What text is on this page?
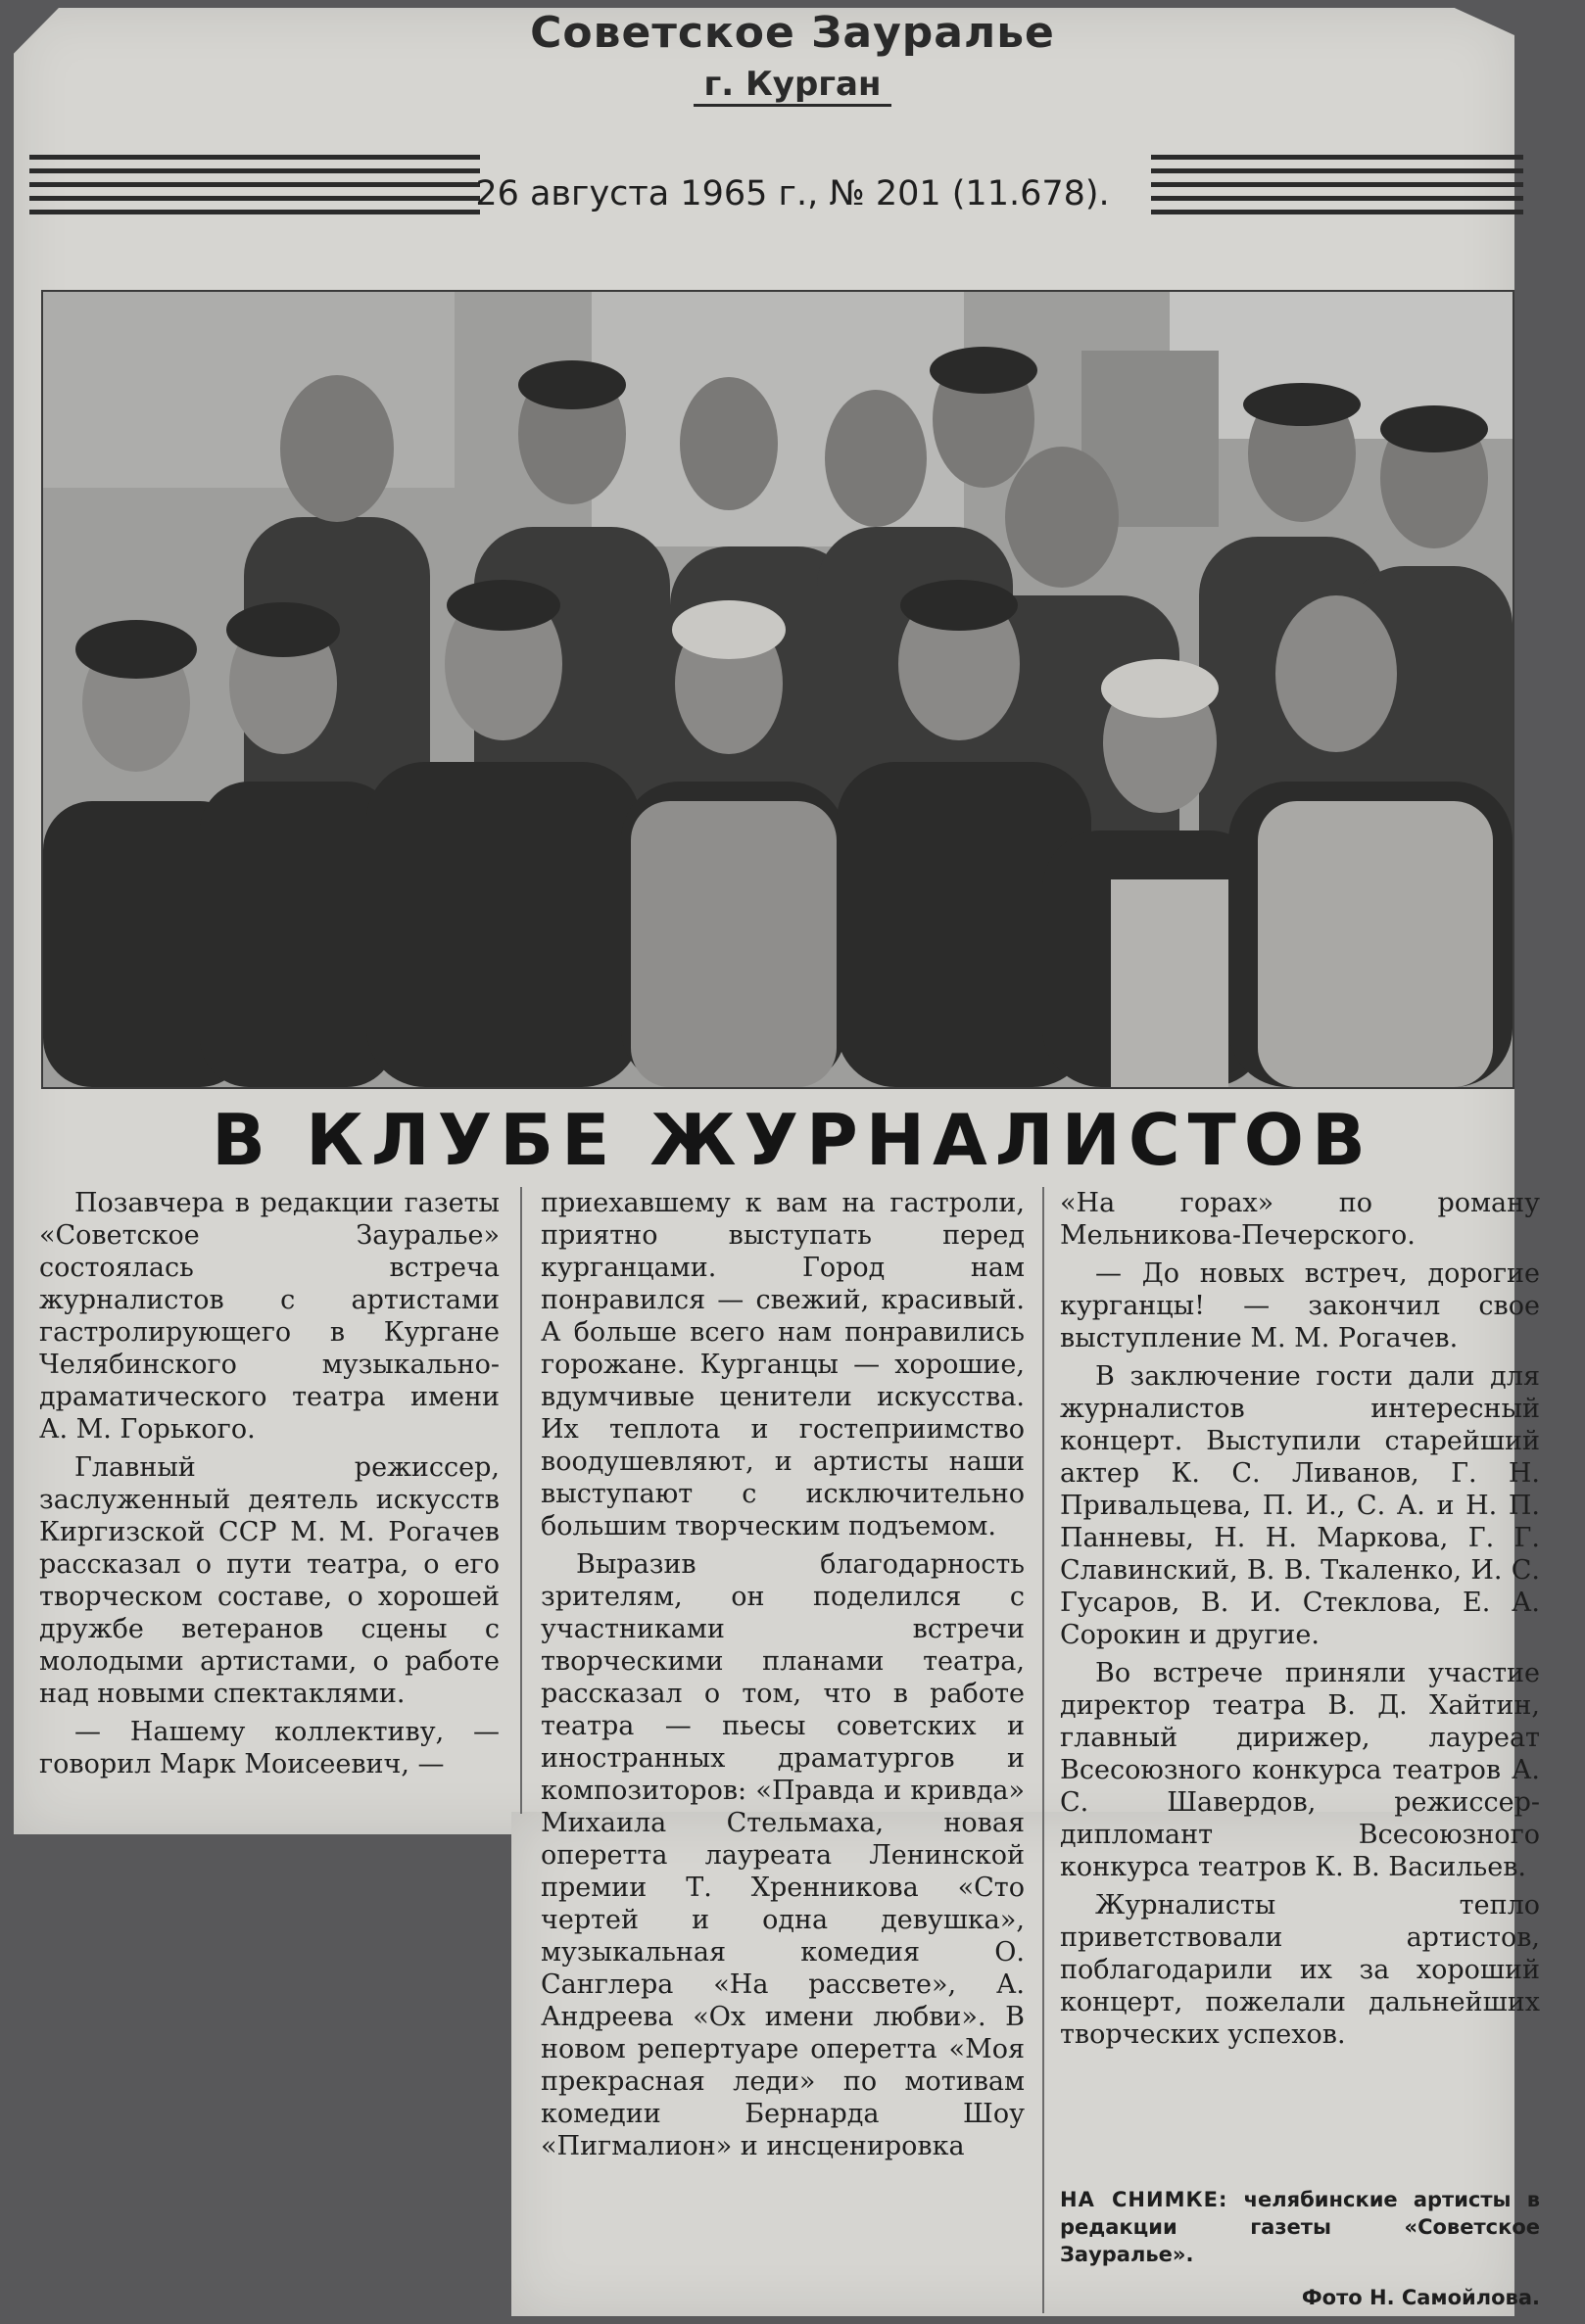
Советское Зауралье
г. Курган
26 августа 1965 г., № 201 (11.678).
В КЛУБЕ ЖУРНАЛИСТОВ

Позавчера в редакции газеты «Советское Зауралье» состоялась встреча журналистов с артистами гастролирующего в Кургане Челябинского музыкально-драматического театра имени А. М. Горького.

Главный режиссер, заслуженный деятель искусств Киргизской ССР М. М. Рогачев рассказал о пути театра, о его творческом составе, о хорошей дружбе ветеранов сцены с молодыми артистами, о работе над новыми спектаклями.

— Нашему коллективу, — говорил Марк Моисеевич, —

приехавшему к вам на гастроли, приятно выступать перед курганцами. Город нам понравился — свежий, красивый. А больше всего нам понравились горожане. Курганцы — хорошие, вдумчивые ценители искусства. Их теплота и гостеприимство воодушевляют, и артисты наши выступают с исключительно большим творческим подъемом.

Выразив благодарность зрителям, он поделился с участниками встречи творческими планами театра, рассказал о том, что в работе театра — пьесы советских и иностранных драматургов и композиторов: «Правда и кривда» Михаила Стельмаха, новая оперетта лауреата Ленинской премии Т. Хренникова «Сто чертей и одна девушка», музыкальная комедия О. Санглера «На рассвете», А. Андреева «Ох имени любви». В новом репертуаре оперетта «Моя прекрасная леди» по мотивам комедии Бернарда Шоу «Пигмалион» и инсценировка

«На горах» по роману Мельникова-Печерского.

— До новых встреч, дорогие курганцы! — закончил свое выступление М. М. Рогачев.

В заключение гости дали для журналистов интересный концерт. Выступили старейший актер К. С. Ливанов, Г. Н. Привальцева, П. И., С. А. и Н. П. Панневы, Н. Н. Маркова, Г. Г. Славинский, В. В. Ткаленко, И. С. Гусаров, В. И. Стеклова, Е. А. Сорокин и другие.

Во встрече приняли участие директор театра В. Д. Хайтин, главный дирижер, лауреат Всесоюзного конкурса театров А. С. Шавердов, режиссер-дипломант Всесоюзного конкурса театров К. В. Васильев.

Журналисты тепло приветствовали артистов, поблагодарили их за хороший концерт, пожелали дальнейших творческих успехов.

НА СНИМКЕ: челябинские артисты в редакции газеты «Советское Зауралье».
Фото Н. Самойлова.
